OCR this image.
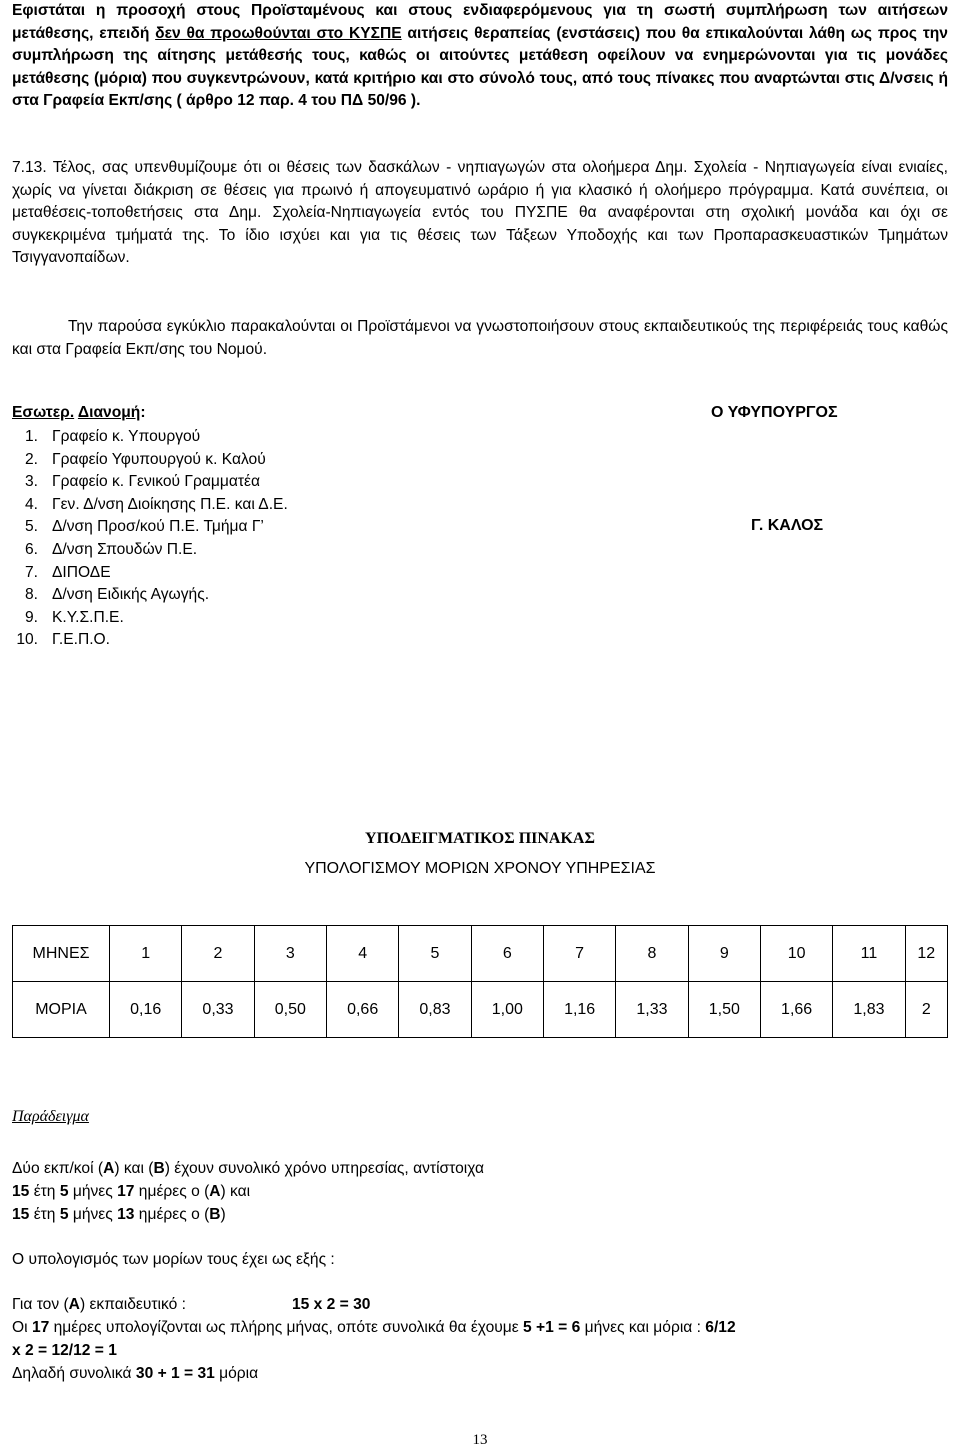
Εφιστάται η προσοχή στους Προϊσταμένους και στους ενδιαφερόμενους για τη σωστή συμπλήρωση των αιτήσεων μετάθεσης, επειδή δεν θα προωθούνται στο ΚΥΣΠΕ αιτήσεις θεραπείας (ενστάσεις) που θα επικαλούνται λάθη ως προς την συμπλήρωση της αίτησης μετάθεσής τους, καθώς οι αιτούντες μετάθεση οφείλουν να ενημερώνονται για τις μονάδες μετάθεσης (μόρια) που συγκεντρώνουν, κατά κριτήριο και στο σύνολό τους, από τους πίνακες που αναρτώνται στις Δ/νσεις ή στα Γραφεία Εκπ/σης ( άρθρο 12 παρ. 4 του ΠΔ 50/96 ).

7.13. Τέλος, σας υπενθυμίζουμε ότι οι θέσεις των δασκάλων - νηπιαγωγών στα ολοήμερα Δημ. Σχολεία - Νηπιαγωγεία είναι ενιαίες, χωρίς να γίνεται διάκριση σε θέσεις για πρωινό ή απογευματινό ωράριο ή για κλασικό ή ολοήμερο πρόγραμμα. Κατά συνέπεια, οι μεταθέσεις-τοποθετήσεις στα Δημ. Σχολεία-Νηπιαγωγεία εντός του ΠΥΣΠΕ θα αναφέρονται στη σχολική μονάδα και όχι σε συγκεκριμένα τμήματά της. Το ίδιο ισχύει και για τις θέσεις των Τάξεων Υποδοχής και των Προπαρασκευαστικών Τμημάτων Τσιγγανοπαίδων.

Την παρούσα εγκύκλιο παρακαλούνται οι Προϊστάμενοι να γνωστοποιήσουν στους εκπαιδευτικούς της περιφέρειάς τους καθώς και στα Γραφεία Εκπ/σης του Νομού.

Εσωτερ. Διανομή:
1. Γραφείο κ. Υπουργού
2. Γραφείο Υφυπουργού κ. Καλού
3. Γραφείο κ. Γενικού Γραμματέα
4. Γεν. Δ/νση Διοίκησης Π.Ε. και Δ.Ε.
5. Δ/νση Προσ/κού Π.Ε. Τμήμα Γ’
6. Δ/νση Σπουδών Π.Ε.
7. ΔΙΠΟΔΕ
8. Δ/νση Ειδικής Αγωγής.
9. Κ.Υ.Σ.Π.Ε.
10. Γ.Ε.Π.Ο.
Ο ΥΦΥΠΟΥΡΓΟΣ
Γ. ΚΑΛΟΣ
ΥΠΟΔΕΙΓΜΑΤΙΚΟΣ ΠΙΝΑΚΑΣ
ΥΠΟΛΟΓΙΣΜΟΥ ΜΟΡΙΩΝ ΧΡΟΝΟΥ ΥΠΗΡΕΣΙΑΣ
ΜΗΝΕΣ	1	2	3	4	5	6	7	8	9	10	11	12
ΜΟΡΙΑ	0,16	0,33	0,50	0,66	0,83	1,00	1,16	1,33	1,50	1,66	1,83	2
Παράδειγμα
Δύο εκπ/κοί (Α) και (Β) έχουν συνολικό χρόνο υπηρεσίας, αντίστοιχα
15 έτη 5 μήνες 17 ημέρες ο (Α) και
15 έτη 5 μήνες 13 ημέρες ο (Β)
Ο υπολογισμός των μορίων τους έχει ως εξής :
Για τον (Α) εκπαιδευτικό :	15 x 2 = 30
Οι 17 ημέρες υπολογίζονται ως πλήρης μήνας, οπότε συνολικά θα έχουμε 5 +1 = 6 μήνες και μόρια : 6/12
x 2 = 12/12 = 1
Δηλαδή συνολικά 30 + 1 = 31 μόρια
13
